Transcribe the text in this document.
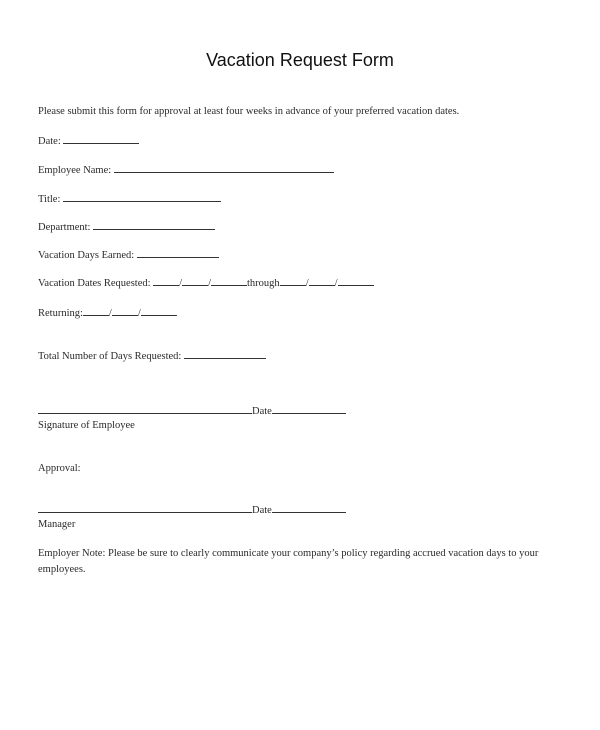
Vacation Request Form
Please submit this form for approval at least four weeks in advance of your preferred vacation dates.
Date:
Employee Name:
Title:
Department:
Vacation Days Earned:
Vacation Dates Requested:	/ /	through / /
Returning: / /
Total Number of Days Requested:
Date
Signature of Employee
Approval:
Date
Manager
Employer Note: Please be sure to clearly communicate your company’s policy regarding accrued vacation days to your employees.
